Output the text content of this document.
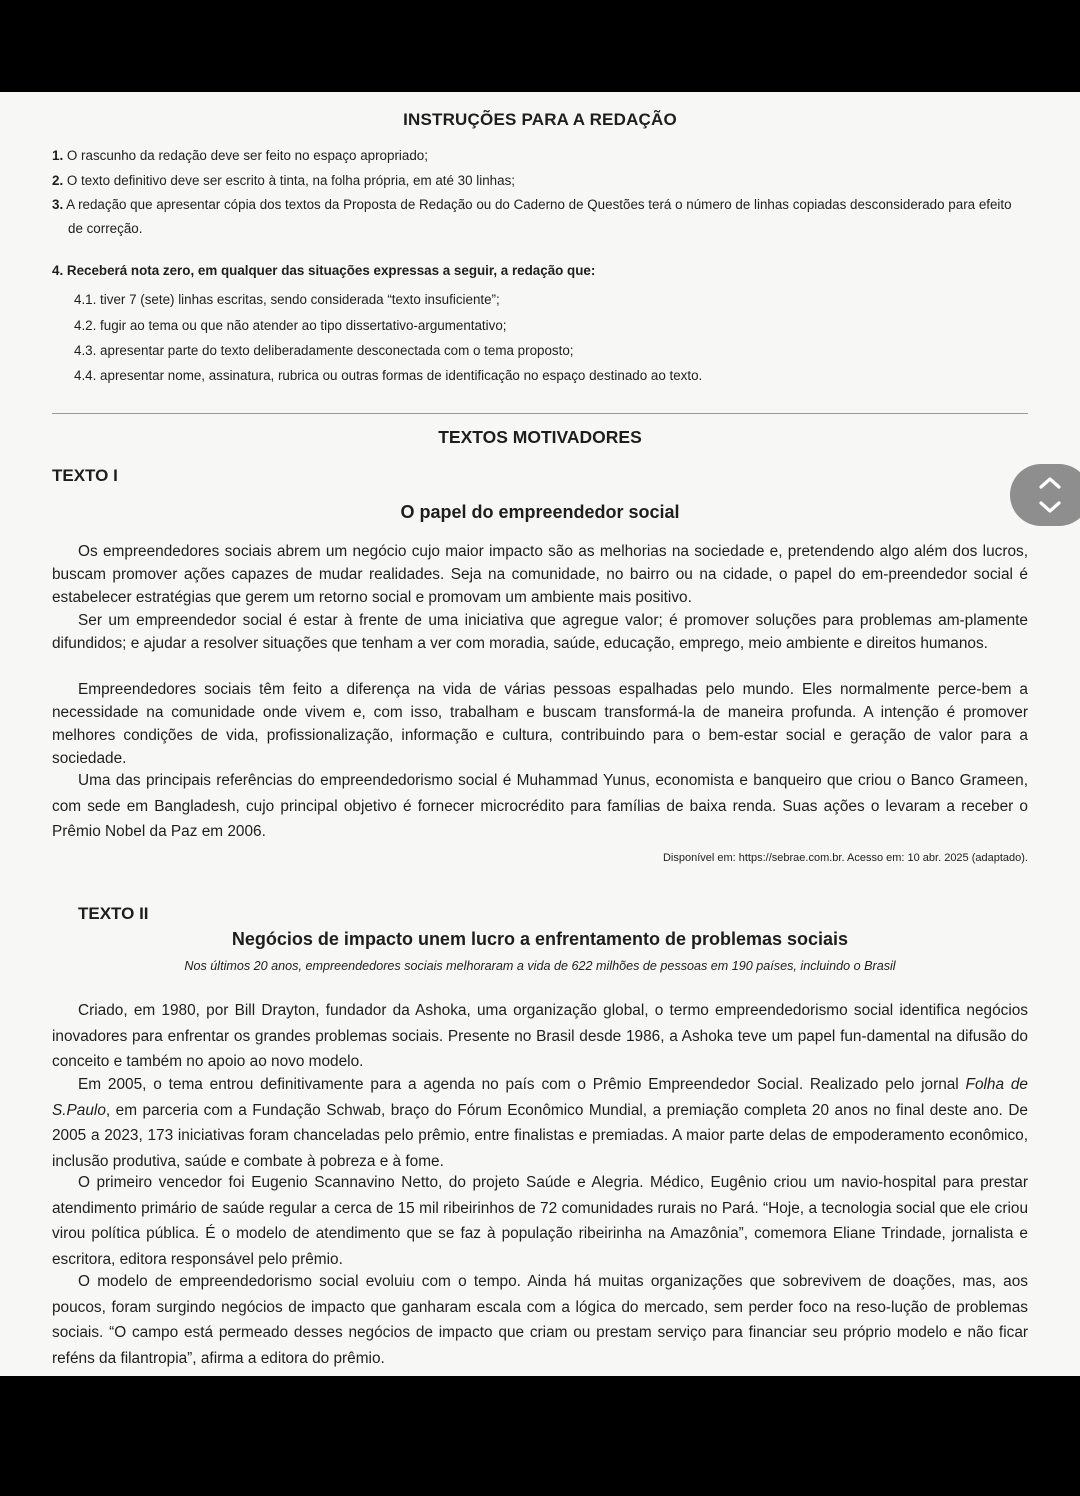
INSTRUÇÕES PARA A REDAÇÃO
1. O rascunho da redação deve ser feito no espaço apropriado;
2. O texto definitivo deve ser escrito à tinta, na folha própria, em até 30 linhas;
3. A redação que apresentar cópia dos textos da Proposta de Redação ou do Caderno de Questões terá o número de linhas copiadas desconsiderado para efeito de correção.
4. Receberá nota zero, em qualquer das situações expressas a seguir, a redação que:
4.1. tiver 7 (sete) linhas escritas, sendo considerada “texto insuficiente”;
4.2. fugir ao tema ou que não atender ao tipo dissertativo-argumentativo;
4.3. apresentar parte do texto deliberadamente desconectada com o tema proposto;
4.4. apresentar nome, assinatura, rubrica ou outras formas de identificação no espaço destinado ao texto.
TEXTOS MOTIVADORES
TEXTO I
O papel do empreendedor social

Os empreendedores sociais abrem um negócio cujo maior impacto são as melhorias na sociedade e, pretendendo algo além dos lucros, buscam promover ações capazes de mudar realidades. Seja na comunidade, no bairro ou na cidade, o papel do em-preendedor social é estabelecer estratégias que gerem um retorno social e promovam um ambiente mais positivo.

Ser um empreendedor social é estar à frente de uma iniciativa que agregue valor; é promover soluções para problemas am-plamente difundidos; e ajudar a resolver situações que tenham a ver com moradia, saúde, educação, emprego, meio ambiente e direitos humanos.

Empreendedores sociais têm feito a diferença na vida de várias pessoas espalhadas pelo mundo. Eles normalmente perce-bem a necessidade na comunidade onde vivem e, com isso, trabalham e buscam transformá-la de maneira profunda. A intenção é promover melhores condições de vida, profissionalização, informação e cultura, contribuindo para o bem-estar social e geração de valor para a sociedade.

Uma das principais referências do empreendedorismo social é Muhammad Yunus, economista e banqueiro que criou o Banco Grameen, com sede em Bangladesh, cujo principal objetivo é fornecer microcrédito para famílias de baixa renda. Suas ações o levaram a receber o Prêmio Nobel da Paz em 2006.

Disponível em: https://sebrae.com.br. Acesso em: 10 abr. 2025 (adaptado).
TEXTO II
Negócios de impacto unem lucro a enfrentamento de problemas sociais
Nos últimos 20 anos, empreendedores sociais melhoraram a vida de 622 milhões de pessoas em 190 países, incluindo o Brasil

Criado, em 1980, por Bill Drayton, fundador da Ashoka, uma organização global, o termo empreendedorismo social identifica negócios inovadores para enfrentar os grandes problemas sociais. Presente no Brasil desde 1986, a Ashoka teve um papel fun-damental na difusão do conceito e também no apoio ao novo modelo.

Em 2005, o tema entrou definitivamente para a agenda no país com o Prêmio Empreendedor Social. Realizado pelo jornal Folha de S.Paulo, em parceria com a Fundação Schwab, braço do Fórum Econômico Mundial, a premiação completa 20 anos no final deste ano. De 2005 a 2023, 173 iniciativas foram chanceladas pelo prêmio, entre finalistas e premiadas. A maior parte delas de empoderamento econômico, inclusão produtiva, saúde e combate à pobreza e à fome.

O primeiro vencedor foi Eugenio Scannavino Netto, do projeto Saúde e Alegria. Médico, Eugênio criou um navio-hospital para prestar atendimento primário de saúde regular a cerca de 15 mil ribeirinhos de 72 comunidades rurais no Pará. “Hoje, a tecnologia social que ele criou virou política pública. É o modelo de atendimento que se faz à população ribeirinha na Amazônia”, comemora Eliane Trindade, jornalista e escritora, editora responsável pelo prêmio.

O modelo de empreendedorismo social evoluiu com o tempo. Ainda há muitas organizações que sobrevivem de doações, mas, aos poucos, foram surgindo negócios de impacto que ganharam escala com a lógica do mercado, sem perder foco na reso-lução de problemas sociais. “O campo está permeado desses negócios de impacto que criam ou prestam serviço para financiar seu próprio modelo e não ficar reféns da filantropia”, afirma a editora do prêmio.
